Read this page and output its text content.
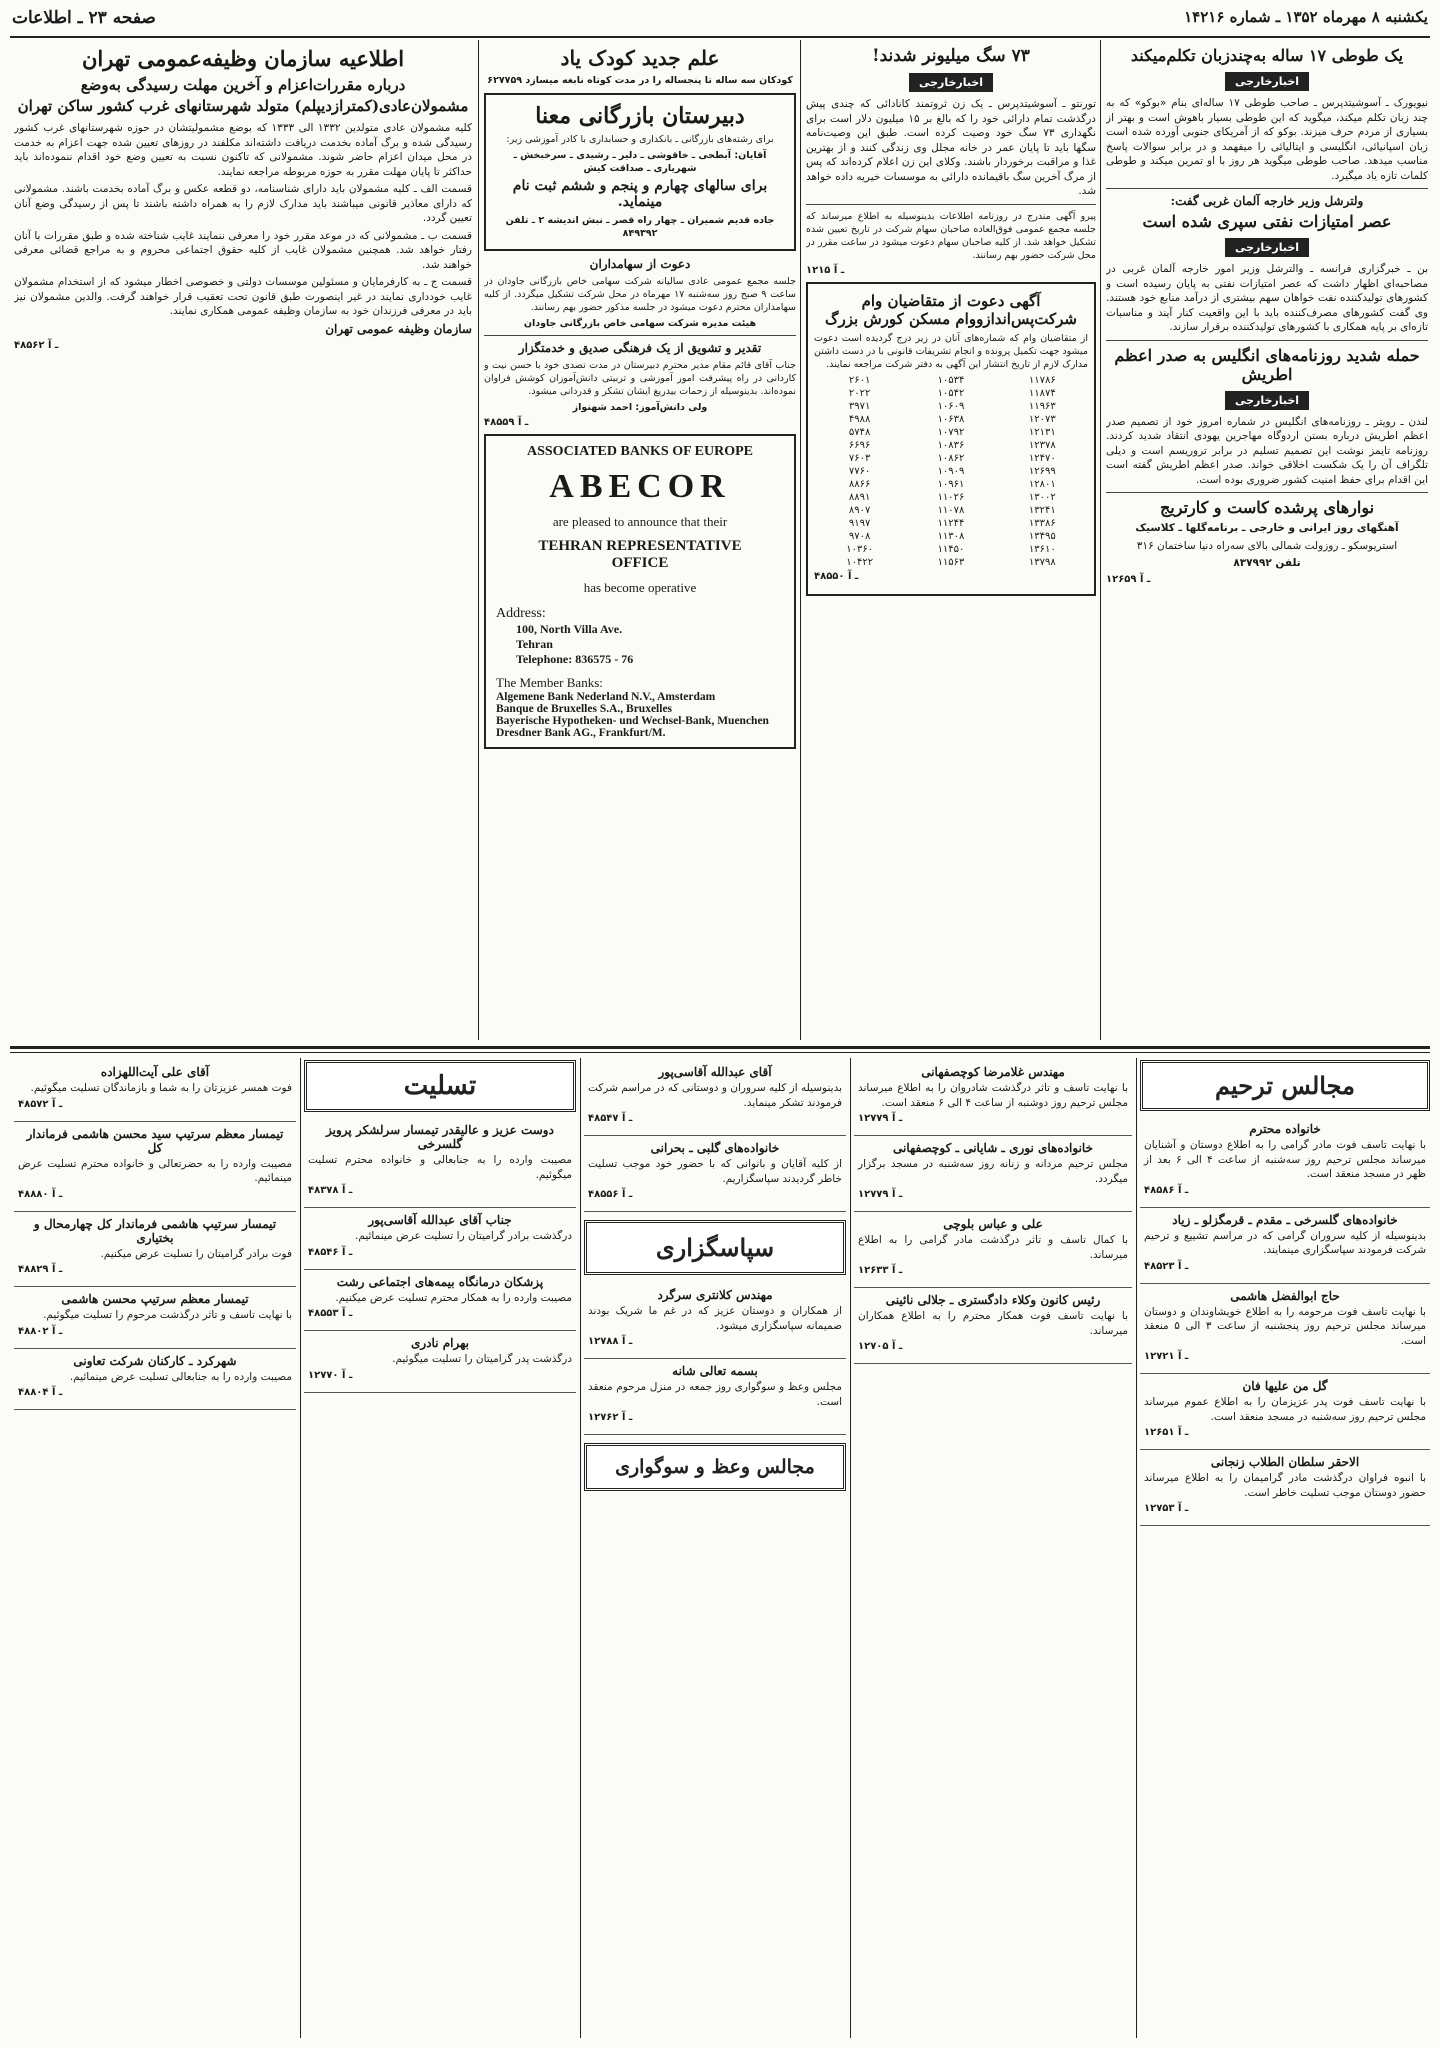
یکشنبه ۸ مهرماه ۱۳۵۲ ـ شماره ۱۴۲۱۶
صفحه ۲۳ ـ اطلاعات
یک طوطی ۱۷ ساله به‌چندزبان تکلم‌میکند
اخبارخارجی

نیویورک ـ آسوشیتدپرس ـ صاحب طوطی ۱۷ ساله‌ای بنام «بوکو» که به چند زبان تکلم میکند، میگوید که این طوطی بسیار باهوش است و بهتر از بسیاری از مردم حرف میزند. بوکو که از آمریکای جنوبی آورده شده است زبان اسپانیائی، انگلیسی و ایتالیائی را میفهمد و در برابر سوالات پاسخ مناسب میدهد. صاحب طوطی میگوید هر روز با او تمرین میکند و طوطی کلمات تازه یاد میگیرد.

ولتر‌شل وزیر خارجه آلمان غربی گفت:
عصر امتیازات نفتی سپری شده است
اخبارخارجی

بن ـ خبرگزاری فرانسه ـ والترشل وزیر امور خارجه آلمان غربی در مصاحبه‌ای اظهار داشت که عصر امتیازات نفتی به پایان رسیده است و کشورهای تولیدکننده نفت خواهان سهم بیشتری از درآمد منابع خود هستند. وی گفت کشورهای مصرف‌کننده باید با این واقعیت کنار آیند و مناسبات تازه‌ای بر پایه همکاری با کشورهای تولیدکننده برقرار سازند.

حمله شدید روزنامه‌های انگلیس به صدر اعظم اطریش
اخبارخارجی

لندن ـ رویتر ـ روزنامه‌های انگلیس در شماره امروز خود از تصمیم صدر اعظم اطریش درباره بستن اردوگاه مهاجرین یهودی انتقاد شدید کردند. روزنامه تایمز نوشت این تصمیم تسلیم در برابر تروریسم است و دیلی تلگراف آن را یک شکست اخلاقی خواند. صدر اعظم اطریش گفته است این اقدام برای حفظ امنیت کشور ضروری بوده است.

نوارهای پرشده کاست و کارتریج

آهنگهای روز ایرانی و خارجی ـ برنامه‌گلها ـ کلاسیک

استریوسکو ـ روزولت شمالی بالای سه‌راه دنیا ساختمان ۳۱۶

تلفن ۸۳۷۹۹۲

۱۲۶۵۹ ـ آ
۷۳ سگ میلیونر شدند!
اخبارخارجی

تورنتو ـ آسوشیتدپرس ـ یک زن ثروتمند کانادائی که چندی پیش درگذشت تمام دارائی خود را که بالغ بر ۱۵ میلیون دلار است برای نگهداری ۷۳ سگ خود وصیت کرده است. طبق این وصیت‌نامه سگها باید تا پایان عمر در خانه مجلل وی زندگی کنند و از بهترین غذا و مراقبت برخوردار باشند. وکلای این زن اعلام کرده‌اند که پس از مرگ آخرین سگ باقیمانده دارائی به موسسات خیریه داده خواهد شد.

پیرو آگهی مندرج در روزنامه اطلاعات بدینوسیله به اطلاع میرساند که جلسه مجمع عمومی فوق‌العاده صاحبان سهام شرکت در تاریخ تعیین شده تشکیل خواهد شد. از کلیه صاحبان سهام دعوت میشود در ساعت مقرر در محل شرکت حضور بهم رسانند.

۱۲۱۵ ـ آ
آگهی دعوت از متقاضیان وام شرکت‌پس‌انداز‌ووام مسکن کورش‌ بزرگ

از متقاضیان وام که شماره‌های آنان در زیر درج گردیده است دعوت میشود جهت تکمیل پرونده و انجام تشریفات قانونی با در دست داشتن مدارک لازم از تاریخ انتشار این آگهی به دفتر شرکت مراجعه نمایند.

۲۶۰۱	۱۰۵۳۴	۱۱۷۸۶
۲۰۲۲	۱۰۵۴۲	۱۱۸۷۴
۳۹۷۱	۱۰۶۰۹	۱۱۹۶۳
۴۹۸۸	۱۰۶۳۸	۱۲۰۷۳
۵۷۴۸	۱۰۷۹۲	۱۲۱۳۱
۶۶۹۶	۱۰۸۳۶	۱۲۳۷۸
۷۶۰۳	۱۰۸۶۲	۱۲۴۷۰
۷۷۶۰	۱۰۹۰۹	۱۲۶۹۹
۸۸۶۶	۱۰۹۶۱	۱۲۸۰۱
۸۸۹۱	۱۱۰۲۶	۱۳۰۰۲
۸۹۰۷	۱۱۰۷۸	۱۳۲۴۱
۹۱۹۷	۱۱۲۴۴	۱۳۳۸۶
۹۷۰۸	۱۱۳۰۸	۱۳۴۹۵
۱۰۳۶۰	۱۱۴۵۰	۱۳۶۱۰
۱۰۴۲۲	۱۱۵۶۳	۱۳۷۹۸
۴۸۵۵۰ ـ آ
علم جدید کودک یاد

کودکان سه ساله تا پنجساله را در مدت کوتاه نابغه میسازد ۶۲۷۷۵۹

دبیرستان بازرگانی معنا

برای رشته‌های بازرگانی ـ بانکداری و حسابداری با کادر آموزشی زیر:

آقایان: آبطحی ـ خاقوشی ـ دلیر ـ رشیدی ـ سرخبخش ـ شهریاری ـ صداقت کیش

برای سالهای چهارم و پنجم و ششم ثبت نام مینماید.

جاده قدیم شمیران ـ چهار راه قصر ـ نبش اندیشه ۲ ـ تلفن ۸۴۹۳۹۲

دعوت از سهامداران

جلسه مجمع عمومی عادی سالیانه شرکت سهامی خاص بازرگانی جاودان در ساعت ۹ صبح روز سه‌شنبه ۱۷ مهرماه در محل شرکت تشکیل میگردد. از کلیه سهامداران محترم دعوت میشود در جلسه مذکور حضور بهم رسانند.

هیئت مدیره شرکت سهامی خاص بازرگانی جاودان

تقدیر و تشویق از یک فرهنگی صدیق و خدمتگزار

جناب آقای قائم مقام مدیر محترم دبیرستان در مدت تصدی خود با حسن نیت و کاردانی در راه پیشرفت امور آموزشی و تربیتی دانش‌آموزان کوشش فراوان نموده‌اند. بدینوسیله از زحمات بیدریغ ایشان تشکر و قدردانی میشود.

ولی دانش‌آموز: احمد شهنواز

۴۸۵۵۹ ـ آ
ASSOCIATED BANKS OF EUROPE
ABECOR
are pleased to announce that their
TEHRAN REPRESENTATIVE OFFICE
has become operative
Address:
100, North Villa Ave.
Tehran
Telephone: 836575 - 76
The Member Banks:
Algemene Bank Nederland N.V., Amsterdam
Banque de Bruxelles S.A., Bruxelles
Bayerische Hypotheken- und Wechsel-Bank, Muenchen
Dresdner Bank AG., Frankfurt/M.
اطلاعیه سازمان وظیفه‌عمومی تهران
درباره مقررات‌اعزام و آخرین مهلت رسیدگی به‌وضع مشمولان‌عادی(کمتر‌ازدیپلم) متولد شهرستانهای غرب کشور ساکن تهران

کلیه مشمولان عادی متولدین ۱۳۳۲ الی ۱۳۳۳ که بوضع مشمولیتشان در حوزه شهرستانهای غرب کشور رسیدگی شده و برگ آماده بخدمت دریافت داشته‌اند مکلفند در روزهای تعیین شده جهت اعزام به خدمت در محل میدان اعزام حاضر شوند. مشمولانی که تاکنون نسبت به تعیین وضع خود اقدام ننموده‌اند باید حداکثر تا پایان مهلت مقرر به حوزه مربوطه مراجعه نمایند.

قسمت الف ـ کلیه مشمولان باید دارای شناسنامه، دو قطعه عکس و برگ آماده بخدمت باشند. مشمولانی که دارای معاذیر قانونی میباشند باید مدارک لازم را به همراه داشته باشند تا پس از رسیدگی وضع آنان تعیین گردد.

قسمت ب ـ مشمولانی که در موعد مقرر خود را معرفی ننمایند غایب شناخته شده و طبق مقررات با آنان رفتار خواهد شد. همچنین مشمولان غایب از کلیه حقوق اجتماعی محروم و به مراجع قضائی معرفی خواهند شد.

قسمت ج ـ به کارفرمایان و مسئولین موسسات دولتی و خصوصی اخطار میشود که از استخدام مشمولان غایب خودداری نمایند در غیر اینصورت طبق قانون تحت تعقیب قرار خواهند گرفت. والدین مشمولان نیز باید در معرفی فرزندان خود به سازمان وظیفه عمومی همکاری نمایند.

سازمان وظیفه عمومی تهران
۴۸۵۶۲ ـ آ
مجالس ترحیم
خانواده محترم

با نهایت تاسف فوت مادر گرامی را به اطلاع دوستان و آشنایان میرساند مجلس ترحیم روز سه‌شنبه از ساعت ۴ الی ۶ بعد از ظهر در مسجد منعقد است.

۴۸۵۸۶ ـ آ
خانواده‌های گلسرخی ـ مقدم ـ قرمگزلو ـ زیاد

بدینوسیله از کلیه سروران گرامی که در مراسم تشییع و ترحیم شرکت فرمودند سپاسگزاری مینمایند.

۴۸۵۲۳ ـ آ
حاج ابوالفضل هاشمی

با نهایت تاسف فوت مرحومه را به اطلاع خویشاوندان و دوستان میرساند مجلس ترحیم روز پنجشنبه از ساعت ۳ الی ۵ منعقد است.

۱۲۷۲۱ ـ آ
گل من علیها فان

با نهایت تاسف فوت پدر عزیزمان را به اطلاع عموم میرساند مجلس ترحیم روز سه‌شنبه در مسجد منعقد است.

۱۲۶۵۱ ـ آ
الاحقر سلطان الطلاب زنجانی

با انبوه فراوان درگذشت مادر گرامیمان را به اطلاع میرساند حضور دوستان موجب تسلیت خاطر است.

۱۲۷۵۳ ـ آ
مهندس غلامرضا کوچصفهانی

با نهایت تاسف و تاثر درگذشت شادروان را به اطلاع میرساند مجلس ترحیم روز دوشنبه از ساعت ۴ الی ۶ منعقد است.

۱۲۷۷۹ ـ آ
خانواده‌های نوری ـ شایانی ـ کوچصفهانی

مجلس ترحیم مردانه و زنانه روز سه‌شنبه در مسجد برگزار میگردد.

۱۲۷۷۹ ـ آ
علی و عباس بلوچی

با کمال تاسف و تاثر درگذشت مادر گرامی را به اطلاع میرساند.

۱۲۶۳۳ ـ آ
رئیس کانون وکلاء دادگستری ـ جلالی نائینی

با نهایت تاسف فوت همکار محترم را به اطلاع همکاران میرساند.

۱۲۷۰۵ ـ آ
آقای عبدالله آقاسی‌پور

بدینوسیله از کلیه سروران و دوستانی که در مراسم شرکت فرمودند تشکر مینماید.

۴۸۵۴۷ ـ آ
خانواده‌های گلبی ـ بحرانی

از کلیه آقایان و بانوانی که با حضور خود موجب تسلیت خاطر گردیدند سپاسگزاریم.

۴۸۵۵۶ ـ آ
سپاسگزاری
مهندس کلانتری سرگرد

از همکاران و دوستان عزیز که در غم ما شریک بودند صمیمانه سپاسگزاری میشود.

۱۲۷۸۸ ـ آ
بسمه تعالی شانه

مجلس وعظ و سوگواری روز جمعه در منزل مرحوم منعقد است.

۱۲۷۶۲ ـ آ
مجالس وعظ و سوگواری
تسلیت
دوست عزیز و عالیقدر تیمسار سرلشکر پرویز گلسرخی

مصیبت وارده را به جنابعالی و خانواده محترم تسلیت میگوئیم.

۴۸۳۷۸ ـ آ
جناب آقای عبدالله آقاسی‌پور

درگذشت برادر گرامیتان را تسلیت عرض مینمائیم.

۴۸۵۴۶ ـ آ
پزشکان درمانگاه بیمه‌های اجتماعی رشت

مصیبت وارده را به همکار محترم تسلیت عرض میکنیم.

۴۸۵۵۳ ـ آ
بهرام نادری

درگذشت پدر گرامیتان را تسلیت میگوئیم.

۱۲۷۷۰ ـ آ
آقای علی آیت‌اللهزاده

فوت همسر عزیزتان را به شما و بازماندگان تسلیت میگوئیم.

۴۸۵۷۲ ـ آ
تیمسار معظم سرتیپ سید محسن هاشمی فرماندار کل

مصیبت وارده را به حضرتعالی و خانواده محترم تسلیت عرض مینمائیم.

۴۸۸۸۰ ـ آ
تیمسار سرتیپ هاشمی فرماندار کل چهارمحال و بختیاری

فوت برادر گرامیتان را تسلیت عرض میکنیم.

۴۸۸۲۹ ـ آ
تیمسار معظم سرتیپ محسن هاشمی

با نهایت تاسف و تاثر درگذشت مرحوم را تسلیت میگوئیم.

۴۸۸۰۲ ـ آ
شهرکرد ـ کارکنان شرکت تعاونی

مصیبت وارده را به جنابعالی تسلیت عرض مینمائیم.

۴۸۸۰۴ ـ آ
